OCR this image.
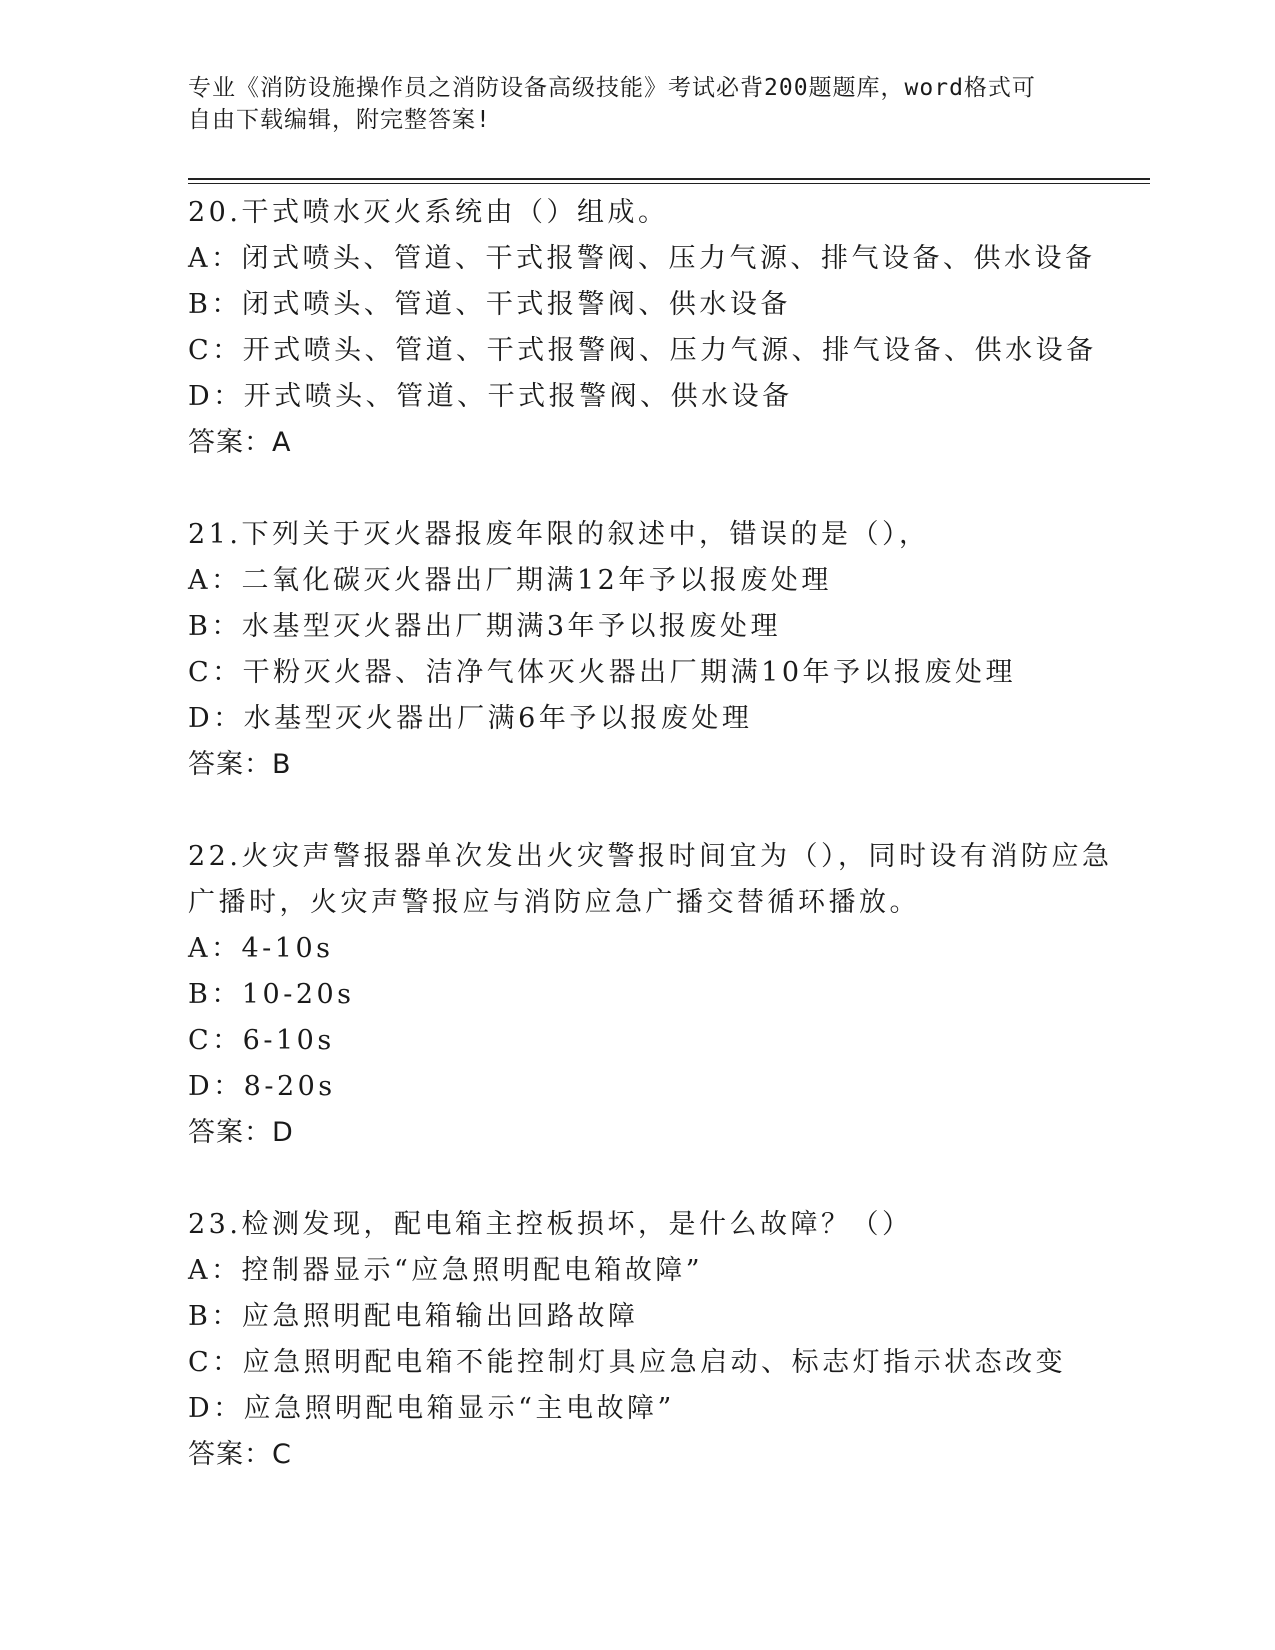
专业《消防设施操作员之消防设备高级技能》考试必背200题题库，word格式可
自由下载编辑，附完整答案!
20.干式喷水灭火系统由（）组成。
A：闭式喷头、管道、干式报警阀、压力气源、排气设备、供水设备
B：闭式喷头、管道、干式报警阀、供水设备
C：开式喷头、管道、干式报警阀、压力气源、排气设备、供水设备
D：开式喷头、管道、干式报警阀、供水设备
答案：A
21.下列关于灭火器报废年限的叙述中，错误的是（），
A：二氧化碳灭火器出厂期满12年予以报废处理
B：水基型灭火器出厂期满3年予以报废处理
C：干粉灭火器、洁净气体灭火器出厂期满10年予以报废处理
D：水基型灭火器出厂满6年予以报废处理
答案：B
22.火灾声警报器单次发出火灾警报时间宜为（），同时设有消防应急
广播时，火灾声警报应与消防应急广播交替循环播放。
A：4-10s
B：10-20s
C：6-10s
D：8-20s
答案：D
23.检测发现，配电箱主控板损坏，是什么故障？（）
A：控制器显示“应急照明配电箱故障”
B：应急照明配电箱输出回路故障
C：应急照明配电箱不能控制灯具应急启动、标志灯指示状态改变
D：应急照明配电箱显示“主电故障”
答案：C
